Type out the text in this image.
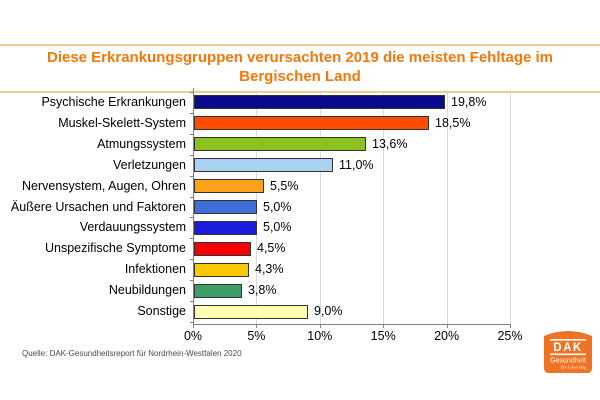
Diese Erkrankungsgruppen verursachten 2019 die meisten Fehltage im Bergischen Land
0%	5%	10%	15%	20%	25%
Psychische Erkrankungen	19,8%
Muskel-Skelett-System	18,5%
Atmungssystem	13,6%
Verletzungen	11,0%
Nervensystem, Augen, Ohren	5,5%
Äußere Ursachen und Faktoren	5,0%
Verdauungssystem	5,0%
Unspezifische Symptome	4,5%
Infektionen	4,3%
Neubildungen	3,8%
Sonstige	9,0%
Quelle: DAK-Gesundheitsreport für Nordrhein-Westfalen 2020	DAK
Gesundheit
Ein Leben lang.
